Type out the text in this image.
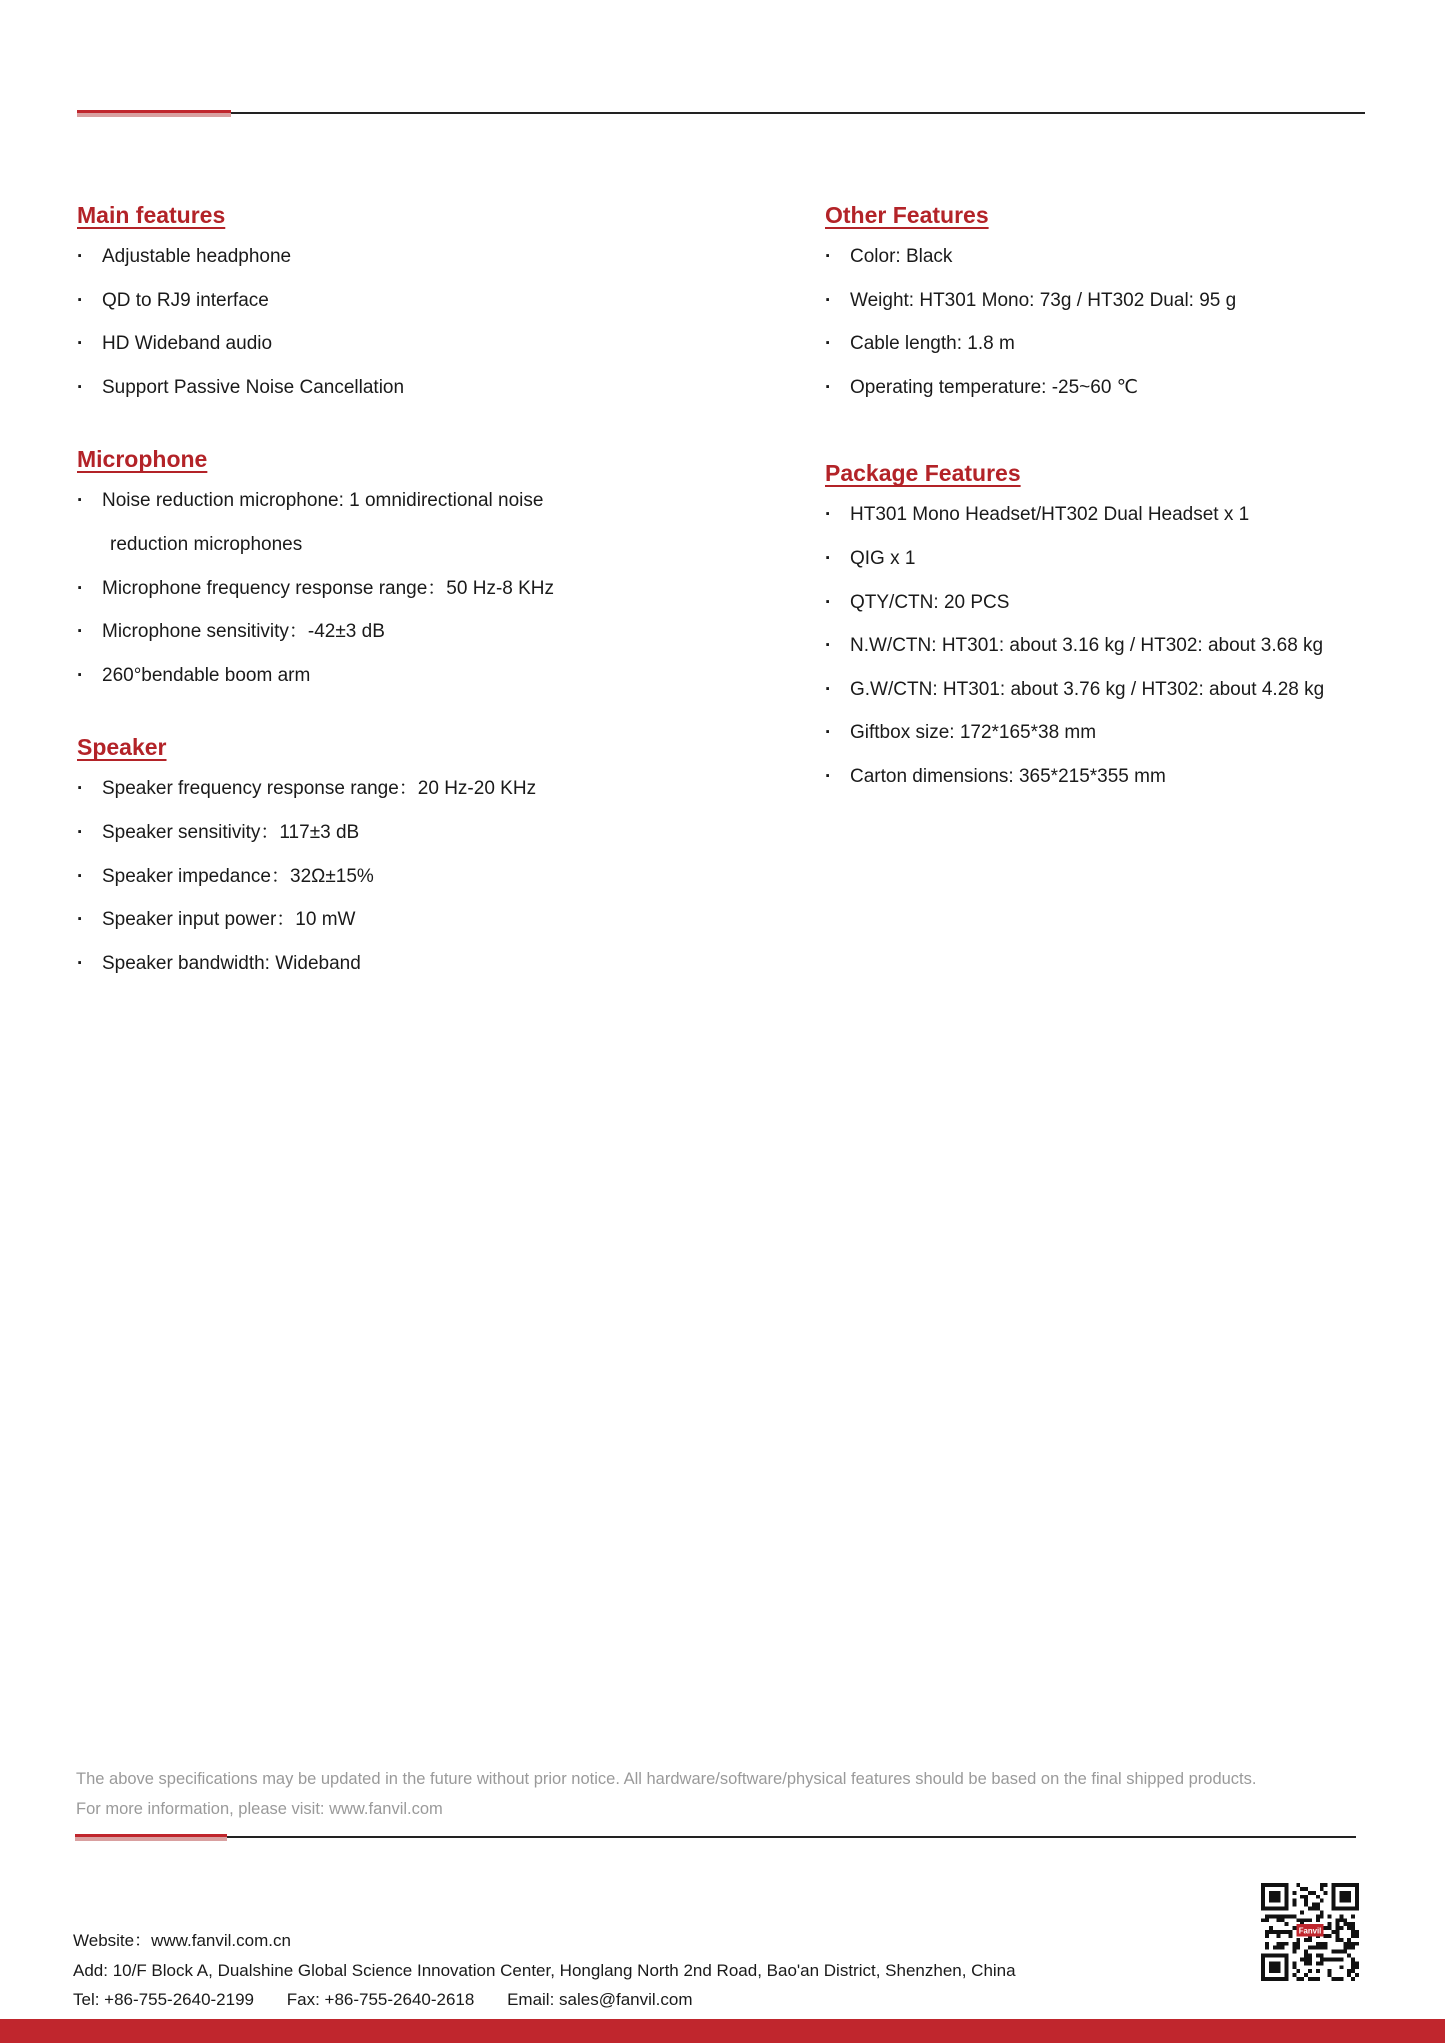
Main features
· Adjustable headphone
· QD to RJ9 interface
· HD Wideband audio
· Support Passive Noise Cancellation
Microphone
· Noise reduction microphone: 1 omnidirectional noise
reduction microphones
· Microphone frequency response range：50 Hz-8 KHz
· Microphone sensitivity：-42±3 dB
· 260°bendable boom arm
Speaker
· Speaker frequency response range：20 Hz-20 KHz
· Speaker sensitivity：117±3 dB
· Speaker impedance：32Ω±15%
· Speaker input power：10 mW
· Speaker bandwidth: Wideband
Other Features
· Color: Black
· Weight: HT301 Mono: 73g / HT302 Dual: 95 g
· Cable length: 1.8 m
· Operating temperature: -25~60 ℃
Package Features
· HT301 Mono Headset/HT302 Dual Headset x 1
· QIG x 1
· QTY/CTN: 20 PCS
· N.W/CTN: HT301: about 3.16 kg / HT302: about 3.68 kg
· G.W/CTN: HT301: about 3.76 kg / HT302: about 4.28 kg
· Giftbox size: 172*165*38 mm
· Carton dimensions: 365*215*355 mm
The above specifications may be updated in the future without prior notice. All hardware/software/physical features should be based on the final shipped products.
For more information, please visit: www.fanvil.com
Website：www.fanvil.com.cn
Add: 10/F Block A, Dualshine Global Science Innovation Center, Honglang North 2nd Road, Bao'an District, Shenzhen, China
Tel: +86-755-2640-2199 Fax: +86-755-2640-2618 Email: sales@fanvil.com
Fanvil
